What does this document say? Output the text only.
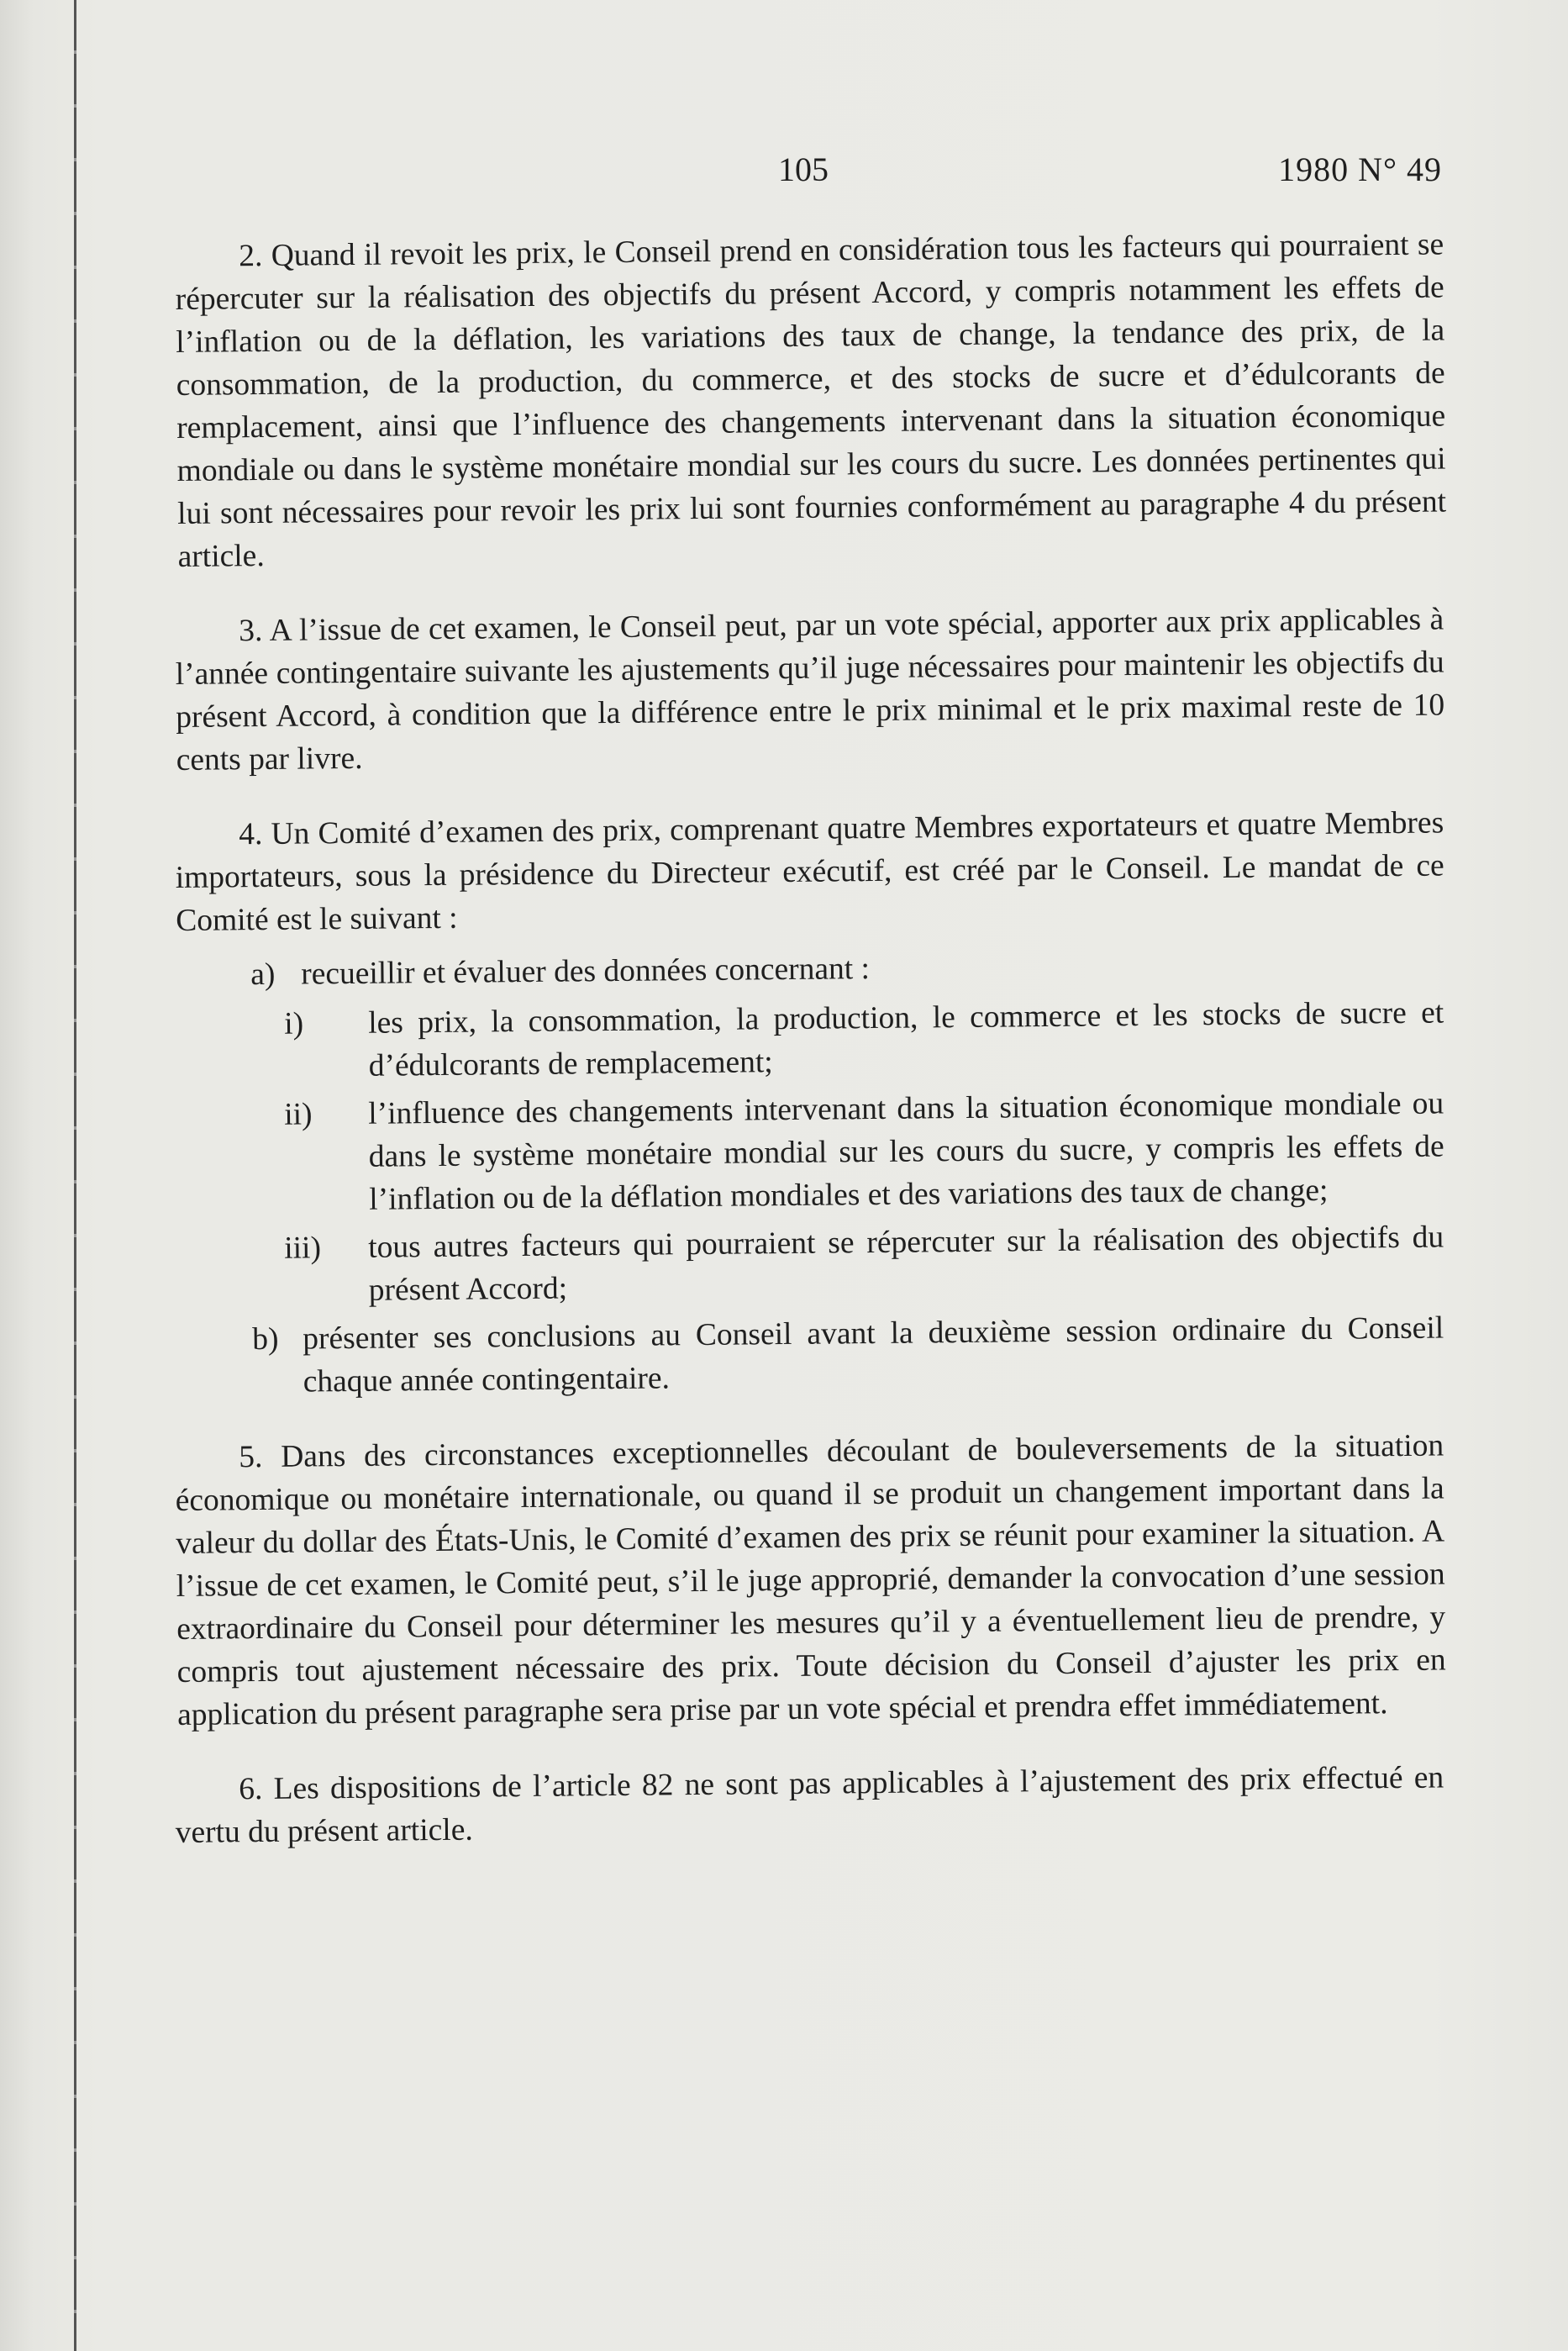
105	1980 N° 49

2. Quand il revoit les prix, le Conseil prend en considération tous les facteurs qui pourraient se répercuter sur la réalisation des objectifs du présent Accord, y compris notamment les effets de l’inflation ou de la déflation, les variations des taux de change, la tendance des prix, de la consommation, de la production, du commerce, et des stocks de sucre et d’édulcorants de remplacement, ainsi que l’influence des changements intervenant dans la situation économique mondiale ou dans le système monétaire mondial sur les cours du sucre. Les données pertinentes qui lui sont nécessaires pour revoir les prix lui sont fournies conformément au paragraphe 4 du présent article.

3. A l’issue de cet examen, le Conseil peut, par un vote spécial, apporter aux prix applicables à l’année contingentaire suivante les ajustements qu’il juge nécessaires pour maintenir les objectifs du présent Accord, à condition que la différence entre le prix minimal et le prix maximal reste de 10 cents par livre.

4. Un Comité d’examen des prix, comprenant quatre Membres exportateurs et quatre Membres importateurs, sous la présidence du Directeur exécutif, est créé par le Conseil. Le mandat de ce Comité est le suivant :

a) recueillir et évaluer des données concernant :
i) les prix, la consommation, la production, le commerce et les stocks de sucre et d’édulcorants de remplacement;
ii) l’influence des changements intervenant dans la situation économique mondiale ou dans le système monétaire mondial sur les cours du sucre, y compris les effets de l’inflation ou de la déflation mondiales et des variations des taux de change;
iii) tous autres facteurs qui pourraient se répercuter sur la réalisation des objectifs du présent Accord;
b) présenter ses conclusions au Conseil avant la deuxième session ordinaire du Conseil chaque année contingentaire.

5. Dans des circonstances exceptionnelles découlant de bouleversements de la situation économique ou monétaire internationale, ou quand il se produit un changement important dans la valeur du dollar des États-Unis, le Comité d’examen des prix se réunit pour examiner la situation. A l’issue de cet examen, le Comité peut, s’il le juge approprié, demander la convocation d’une session extraordinaire du Conseil pour déterminer les mesures qu’il y a éventuellement lieu de prendre, y compris tout ajustement nécessaire des prix. Toute décision du Conseil d’ajuster les prix en application du présent paragraphe sera prise par un vote spécial et prendra effet immédiatement.

6. Les dispositions de l’article 82 ne sont pas applicables à l’ajustement des prix effectué en vertu du présent article.
